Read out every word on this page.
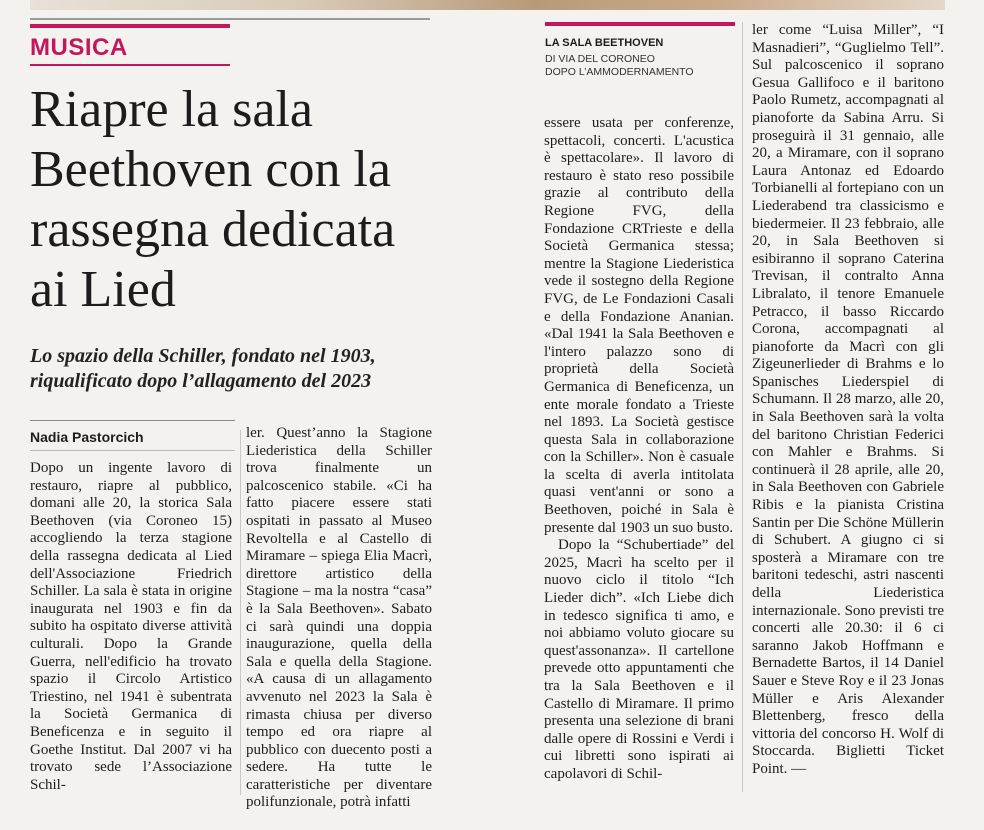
MUSICA
Riapre la sala Beethoven con la rassegna dedicata ai Lied
Lo spazio della Schiller, fondato nel 1903, riqualificato dopo l’allagamento del 2023

Nadia Pastorcich

LA SALA BEETHOVEN

DI VIA DEL CORONEO
DOPO L’AMMODERNAMENTO

Dopo un ingente lavoro di restauro, riapre al pubblico, domani alle 20, la storica Sala Beethoven (via Coroneo 15) accogliendo la terza stagione della rassegna dedicata al Lied dell'Associazione Friedrich Schiller. La sala è stata in origine inaugurata nel 1903 e fin da subito ha ospitato diverse attività culturali. Dopo la Grande Guerra, nell'edificio ha trovato spazio il Circolo Artistico Triestino, nel 1941 è subentrata la Società Germanica di Beneficenza e in seguito il Goethe Institut. Dal 2007 vi ha trovato sede l’Associazione Schil-

ler. Quest’anno la Stagione Liederistica della Schiller trova finalmente un palcoscenico stabile. «Ci ha fatto piacere essere stati ospitati in passato al Museo Revoltella e al Castello di Miramare – spiega Elia Macrì, direttore artistico della Stagione – ma la nostra “casa” è la Sala Beethoven». Sabato ci sarà quindi una doppia inaugurazione, quella della Sala e quella della Stagione. «A causa di un allagamento avvenuto nel 2023 la Sala è rimasta chiusa per diverso tempo ed ora riapre al pubblico con duecento posti a sedere. Ha tutte le caratteristiche per diventare polifunzionale, potrà infatti

essere usata per conferenze, spettacoli, concerti. L'acustica è spettacolare». Il lavoro di restauro è stato reso possibile grazie al contributo della Regione FVG, della Fondazione CRTrieste e della Società Germanica stessa; mentre la Stagione Liederistica vede il sostegno della Regione FVG, de Le Fondazioni Casali e della Fondazione Ananian. «Dal 1941 la Sala Beethoven e l'intero palazzo sono di proprietà della Società Germanica di Beneficenza, un ente morale fondato a Trieste nel 1893. La Società gestisce questa Sala in collaborazione con la Schiller». Non è casuale la scelta di averla intitolata quasi vent'anni or sono a Beethoven, poiché in Sala è presente dal 1903 un suo busto.

Dopo la “Schubertiade” del 2025, Macrì ha scelto per il nuovo ciclo il titolo “Ich Lieder dich”. «Ich Liebe dich in tedesco significa ti amo, e noi abbiamo voluto giocare su quest'assonanza». Il cartellone prevede otto appuntamenti che tra la Sala Beethoven e il Castello di Miramare. Il primo presenta una selezione di brani dalle opere di Rossini e Verdi i cui libretti sono ispirati ai capolavori di Schil-

ler come “Luisa Miller”, “I Masnadieri”, “Guglielmo Tell”. Sul palcoscenico il soprano Gesua Gallifoco e il baritono Paolo Rumetz, accompagnati al pianoforte da Sabina Arru. Si proseguirà il 31 gennaio, alle 20, a Miramare, con il soprano Laura Antonaz ed Edoardo Torbianelli al fortepiano con un Liederabend tra classicismo e biedermeier. Il 23 febbraio, alle 20, in Sala Beethoven si esibiranno il soprano Caterina Trevisan, il contralto Anna Libralato, il tenore Emanuele Petracco, il basso Riccardo Corona, accompagnati al pianoforte da Macrì con gli Zigeunerlieder di Brahms e lo Spanisches Liederspiel di Schumann. Il 28 marzo, alle 20, in Sala Beethoven sarà la volta del baritono Christian Federici con Mahler e Brahms. Si continuerà il 28 aprile, alle 20, in Sala Beethoven con Gabriele Ribis e la pianista Cristina Santin per Die Schöne Müllerin di Schubert. A giugno ci si sposterà a Miramare con tre baritoni tedeschi, astri nascenti della Liederistica internazionale. Sono previsti tre concerti alle 20.30: il 6 ci saranno Jakob Hoffmann e Bernadette Bartos, il 14 Daniel Sauer e Steve Roy e il 23 Jonas Müller e Aris Alexander Blettenberg, fresco della vittoria del concorso H. Wolf di Stoccarda. Biglietti Ticket Point. —
